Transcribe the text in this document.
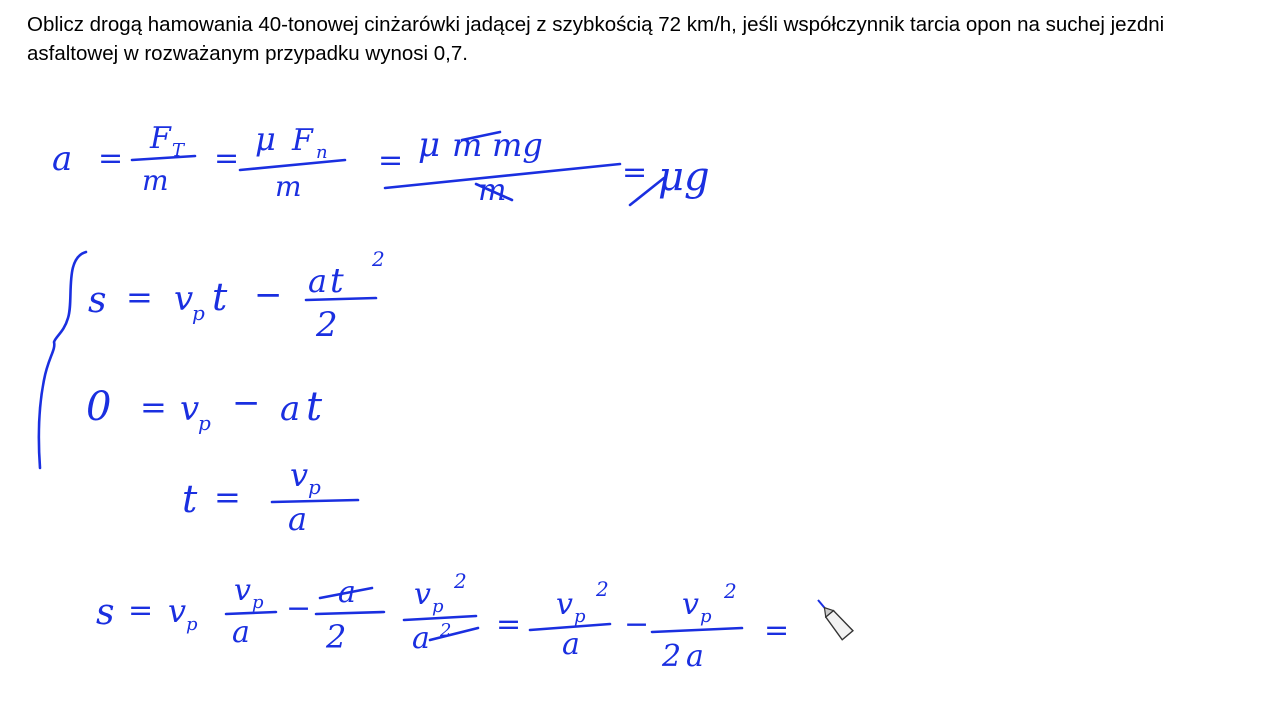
Oblicz drogą hamowania 40-tonowej cinżarówki jadącej z szybkością 72 km/h, jeśli współczynnik tarcia opon na suchej jezdni asfaltowej w rozważanym przypadku wynosi 0,7.

a =
F T
m
=
μ F n
m
= μ m mg
m
= μg
s = v
p t − a t
2
2
0 = v
p − a t
t =
v p
a
s = v p
v p
a
− a
2
v p
2
a 2 =
v p
2
a
−
v p
2
2 a
=
